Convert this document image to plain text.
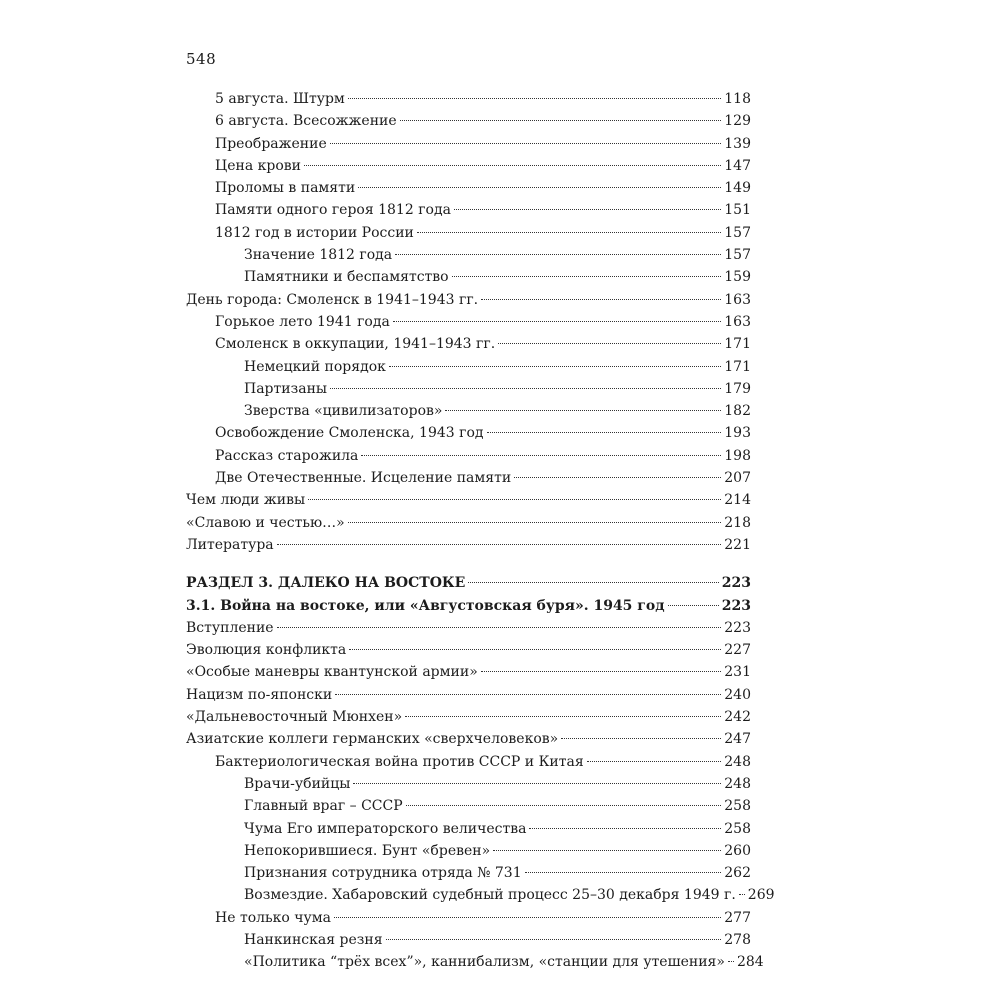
548
5 августа. Штурм	118
6 августа. Всесожжение	129
Преображение	139
Цена крови	147
Проломы в памяти	149
Памяти одного героя 1812 года	151
1812 год в истории России	157
Значение 1812 года	157
Памятники и беспамятство	159
День города: Смоленск в 1941–1943 гг.	163
Горькое лето 1941 года	163
Смоленск в оккупации, 1941–1943 гг.	171
Немецкий порядок	171
Партизаны	179
Зверства «цивилизаторов»	182
Освобождение Смоленска, 1943 год	193
Рассказ старожила	198
Две Отечественные. Исцеление памяти	207
Чем люди живы	214
«Славою и честью…»	218
Литература	221
РАЗДЕЛ 3. ДАЛЕКО НА ВОСТОКЕ	223
3.1. Война на востоке, или «Августовская буря». 1945 год	223
Вступление	223
Эволюция конфликта	227
«Особые маневры квантунской армии»	231
Нацизм по-японски	240
«Дальневосточный Мюнхен»	242
Азиатские коллеги германских «сверхчеловеков»	247
Бактериологическая война против СССР и Китая	248
Врачи-убийцы	248
Главный враг – СССР	258
Чума Его императорского величества	258
Непокорившиеся. Бунт «бревен»	260
Признания сотрудника отряда № 731	262
Возмездие. Хабаровский судебный процесс 25–30 декабря 1949 г. 269
Не только чума	277
Нанкинская резня	278
«Политика “трёх всех”», каннибализм, «станции для утешения» 284
